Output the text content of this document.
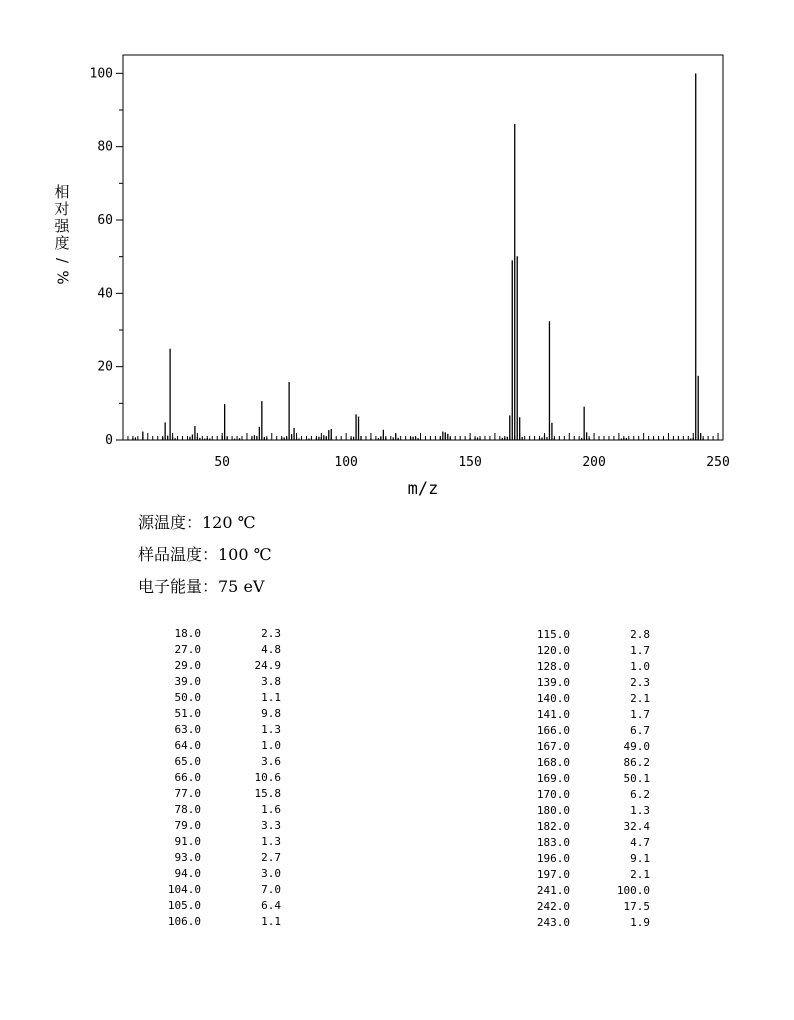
50	100	150	200	250
0
20
40
60
80
100
m/z
相
对
强
度
/
%
源温度：120 ℃
样品温度：100 ℃
电子能量：75 eV
18.0	2.3
27.0	4.8
29.0	24.9
39.0	3.8
50.0	1.1
51.0	9.8
63.0	1.3
64.0	1.0
65.0	3.6
66.0	10.6
77.0	15.8
78.0	1.6
79.0	3.3
91.0	1.3
93.0	2.7
94.0	3.0
104.0	7.0
105.0	6.4
106.0	1.1
115.0	2.8
120.0	1.7
128.0	1.0
139.0	2.3
140.0	2.1
141.0	1.7
166.0	6.7
167.0	49.0
168.0	86.2
169.0	50.1
170.0	6.2
180.0	1.3
182.0	32.4
183.0	4.7
196.0	9.1
197.0	2.1
241.0	100.0
242.0	17.5
243.0	1.9
